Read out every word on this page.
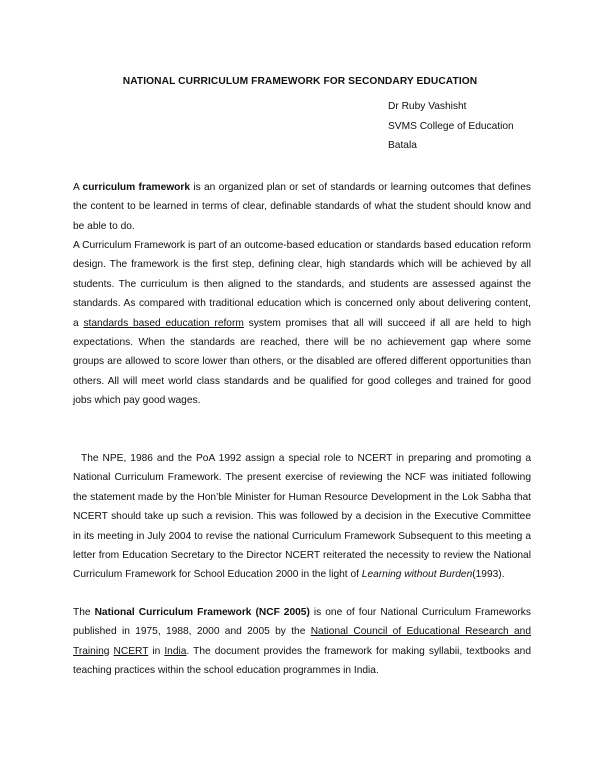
NATIONAL CURRICULUM FRAMEWORK FOR SECONDARY EDUCATION
Dr Ruby Vashisht
SVMS College of Education
Batala

A curriculum framework is an organized plan or set of standards or learning outcomes that defines the content to be learned in terms of clear, definable standards of what the student should know and be able to do.

A Curriculum Framework is part of an outcome-based education or standards based education reform design. The framework is the first step, defining clear, high standards which will be achieved by all students. The curriculum is then aligned to the standards, and students are assessed against the standards. As compared with traditional education which is concerned only about delivering content, a standards based education reform system promises that all will succeed if all are held to high expectations. When the standards are reached, there will be no achievement gap where some groups are allowed to score lower than others, or the disabled are offered different opportunities than others. All will meet world class standards and be qualified for good colleges and trained for good jobs which pay good wages.

The NPE, 1986 and the PoA 1992 assign a special role to NCERT in preparing and promoting a National Curriculum Framework. The present exercise of reviewing the NCF was initiated following the statement made by the Hon’ble Minister for Human Resource Development in the Lok Sabha that NCERT should take up such a revision. This was followed by a decision in the Executive Committee in its meeting in July 2004 to revise the national Curriculum Framework Subsequent to this meeting a letter from Education Secretary to the Director NCERT reiterated the necessity to review the National Curriculum Framework for School Education 2000 in the light of Learning without Burden(1993).

The National Curriculum Framework (NCF 2005) is one of four National Curriculum Frameworks published in 1975, 1988, 2000 and 2005 by the National Council of Educational Research and Training NCERT in India. The document provides the framework for making syllabii, textbooks and teaching practices within the school education programmes in India.
